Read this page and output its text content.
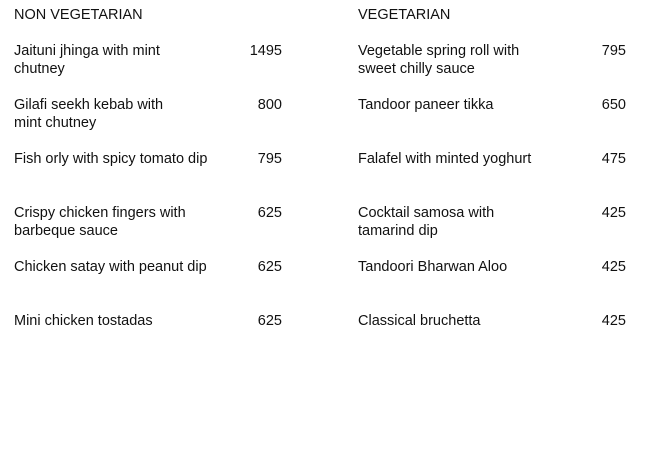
NON VEGETARIAN
Jaituni jhinga with mint chutney
1495
Gilafi seekh kebab with
mint chutney
800
Fish orly with spicy tomato dip	795
Crispy chicken fingers with
barbeque sauce
625
Chicken satay with peanut dip	625
Mini chicken tostadas	625
VEGETARIAN
Vegetable spring roll with
sweet chilly sauce
795
Tandoor paneer tikka	650
Falafel with minted yoghurt	475
Cocktail samosa with
tamarind dip
425
Tandoori Bharwan Aloo	425
Classical bruchetta	425
